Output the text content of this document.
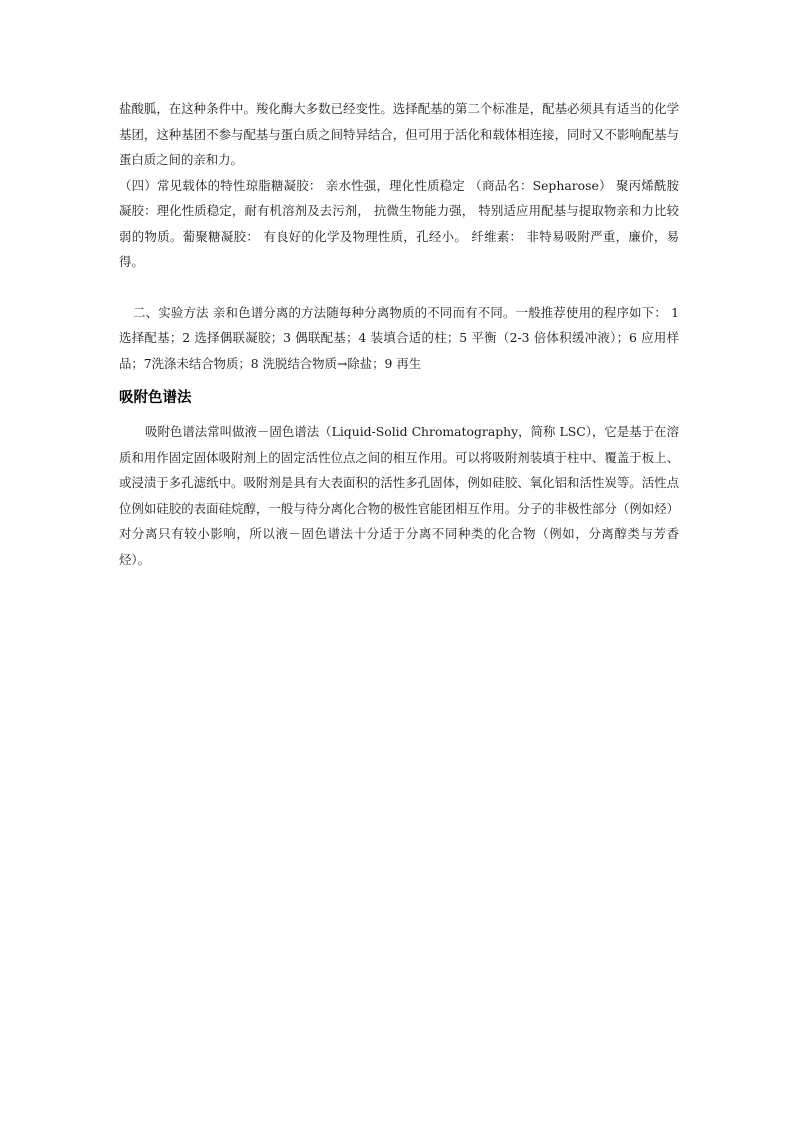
盐酸胍，在这种条件中。羧化酶大多数已经变性。选择配基的第二个标准是，配基必须具有适当的化学基团，这种基团不参与配基与蛋白质之间特异结合，但可用于活化和载体相连接，同时又不影响配基与蛋白质之间的亲和力。

（四）常见载体的特性琼脂糖凝胶： 亲水性强，理化性质稳定 （商品名：Sepharose） 聚丙烯酰胺凝胶：理化性质稳定，耐有机溶剂及去污剂， 抗微生物能力强， 特别适应用配基与提取物亲和力比较弱的物质。葡聚糖凝胶： 有良好的化学及物理性质，孔经小。 纤维素： 非特易吸附严重，廉价，易得。

二、实验方法 亲和色谱分离的方法随每种分离物质的不同而有不同。一般推荐使用的程序如下： 1选择配基；2 选择偶联凝胶；3 偶联配基；4 装填合适的柱；5 平衡（2-3 倍体积缓冲液）；6 应用样品；7洗涤未结合物质；8 洗脱结合物质→除盐；9 再生

吸附色谱法

吸附色谱法常叫做液－固色谱法（Liquid-Solid Chromatography，简称 LSC），它是基于在溶质和用作固定固体吸附剂上的固定活性位点之间的相互作用。可以将吸附剂装填于柱中、覆盖于板上、或浸渍于多孔滤纸中。吸附剂是具有大表面积的活性多孔固体，例如硅胶、氧化铝和活性炭等。活性点位例如硅胶的表面硅烷醇，一般与待分离化合物的极性官能团相互作用。分子的非极性部分（例如烃）对分离只有较小影响，所以液－固色谱法十分适于分离不同种类的化合物（例如，分离醇类与芳香烃）。
